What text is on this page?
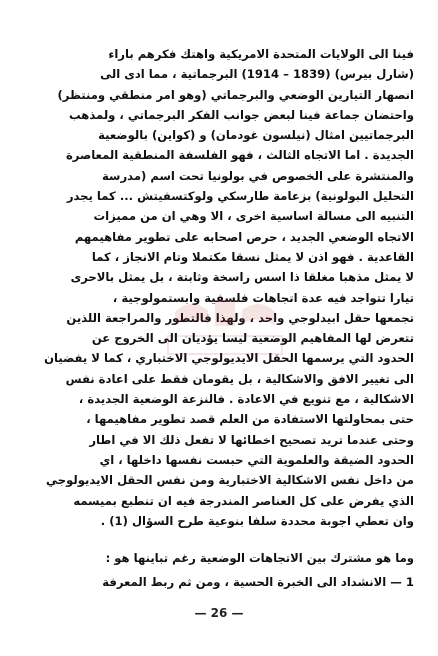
فينا الى الولايات المتحدة الامريكية واهتك فكرهم باراء
(شارل بيرس) (1839 – 1914) البرجماتية ، مما ادى الى
انصهار التيارين الوضعي والبرجماتي (وهو امر منطقي ومنتظر)
واحتضان جماعة فينا لبعض جوانب الفكر البرجماتي ، ولمذهب
البرجماتيين امثال (نيلسون غودمان) و (كواين) بالوضعية
الجديدة . اما الاتجاه الثالث ، فهو الفلسفة المنطقية المعاصرة
والمنتشرة على الخصوص في بولونيا تحت اسم (مدرسة
التحليل البولونية) بزعامة طارسكي ولوكتسفيتش ... كما يجدر
التنبيه الى مسالة اساسية اخرى ، الا وهي ان من مميزات
الاتجاه الوضعي الجديد ، حرص اصحابه على تطوير مفاهيمهم
القاعدية . فهو اذن لا يمثل نسقا مكتملا وتام الانجاز ، كما
لا يمثل مذهبا مغلقا ذا اسس راسخة وثابتة ، بل يمثل بالاحرى
تيارا تتواجد فيه عدة اتجاهات فلسفية وابستمولوجية ،
تجمعها حقل ابيدلوجي واحد ، ولهذا فالتطور والمراجعة اللذين
تتعرض لها المفاهيم الوضعية ليسا يؤديان الى الخروج عن
الحدود التي يرسمها الحقل الايديولوجي الاختباري ، كما لا يفضيان
الى تغيير الافق والاشكالية ، بل يقومان فقط على اعادة نفس
الاشكالية ، مع تنويع في الاعادة . فالنزعة الوضعية الجديدة ،
حتى بمحاولتها الاستفادة من العلم قصد تطوير مفاهيمها ،
وحتى عندما تريد تصحيح اخطائها لا تفعل ذلك الا في اطار
الحدود الضيقة والعلموية التي حبست نفسها داخلها ، اي
من داخل نفس الاشكالية الاختبارية ومن نفس الحقل الايديولوجي
الذي يفرض على كل العناصر المندرجة فيه ان تنطبع بميسمه
وان تعطي اجوبة محددة سلفا بنوعية طرح السؤال (1) .
وما هو مشترك بين الاتجاهات الوضعية رغم تباينها هو :
1 — الانشداد الى الخبرة الحسية ، ومن ثم ربط المعرفة
— 26 —
